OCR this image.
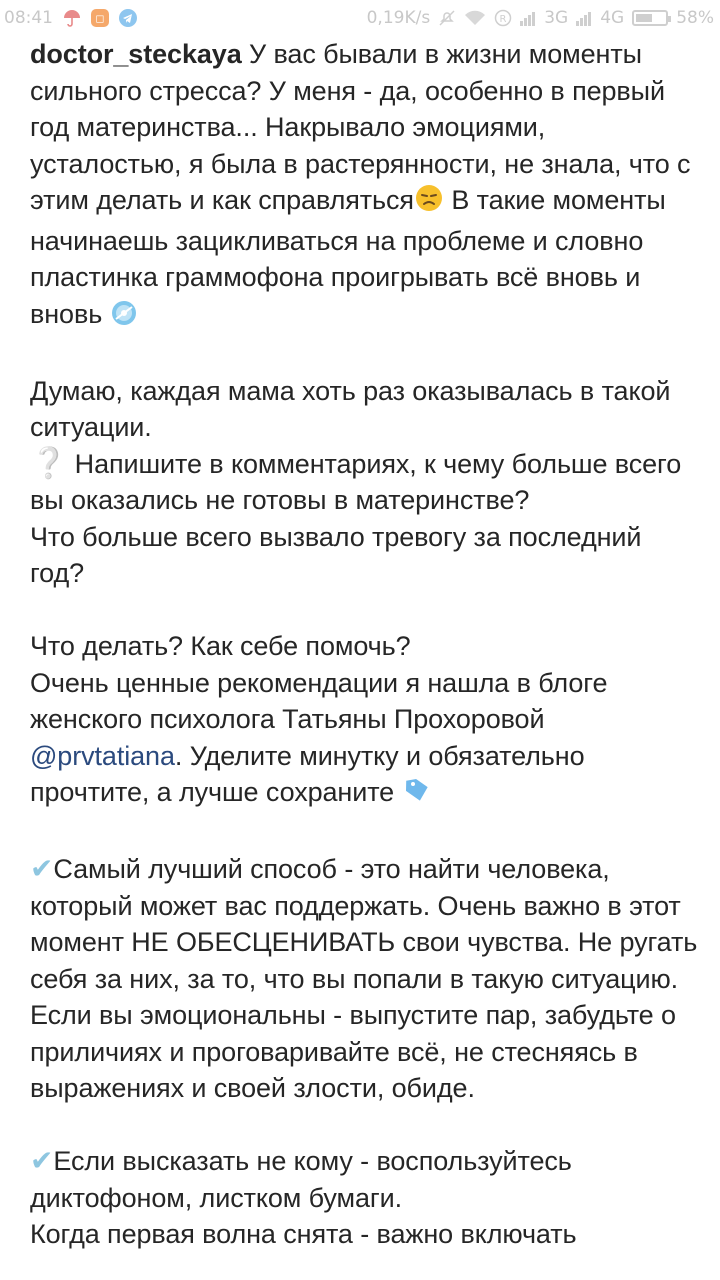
08:41	◻	0,19K/s	R 3G 4G	58%

doctor_steckaya У вас бывали в жизни моменты сильного стресса? У меня - да, особенно в первый год материнства... Накрывало эмоциями, усталостью, я была в растерянности, не знала, что с этим делать и как справляться В такие моменты начинаешь зацикливаться на проблеме и словно пластинка граммофона проигрывать всё вновь и вновь

Думаю, каждая мама хоть раз оказывалась в такой ситуации.

❔ Напишите в комментариях, к чему больше всего вы оказались не готовы в материнстве?

Что больше всего вызвало тревогу за последний год?

Что делать? Как себе помочь?

Очень ценные рекомендации я нашла в блоге женского психолога Татьяны Прохоровой @prvtatiana. Уделите минутку и обязательно прочтите, а лучше сохраните

✔Самый лучший способ - это найти человека, который может вас поддержать. Очень важно в этот момент НЕ ОБЕСЦЕНИВАТЬ свои чувства. Не ругать себя за них, за то, что вы попали в такую ситуацию.

Если вы эмоциональны - выпустите пар, забудьте о приличиях и проговаривайте всё, не стесняясь в выражениях и своей злости, обиде.

✔Если высказать не кому - воспользуйтесь диктофоном, листком бумаги.

Когда первая волна снята - важно включать
